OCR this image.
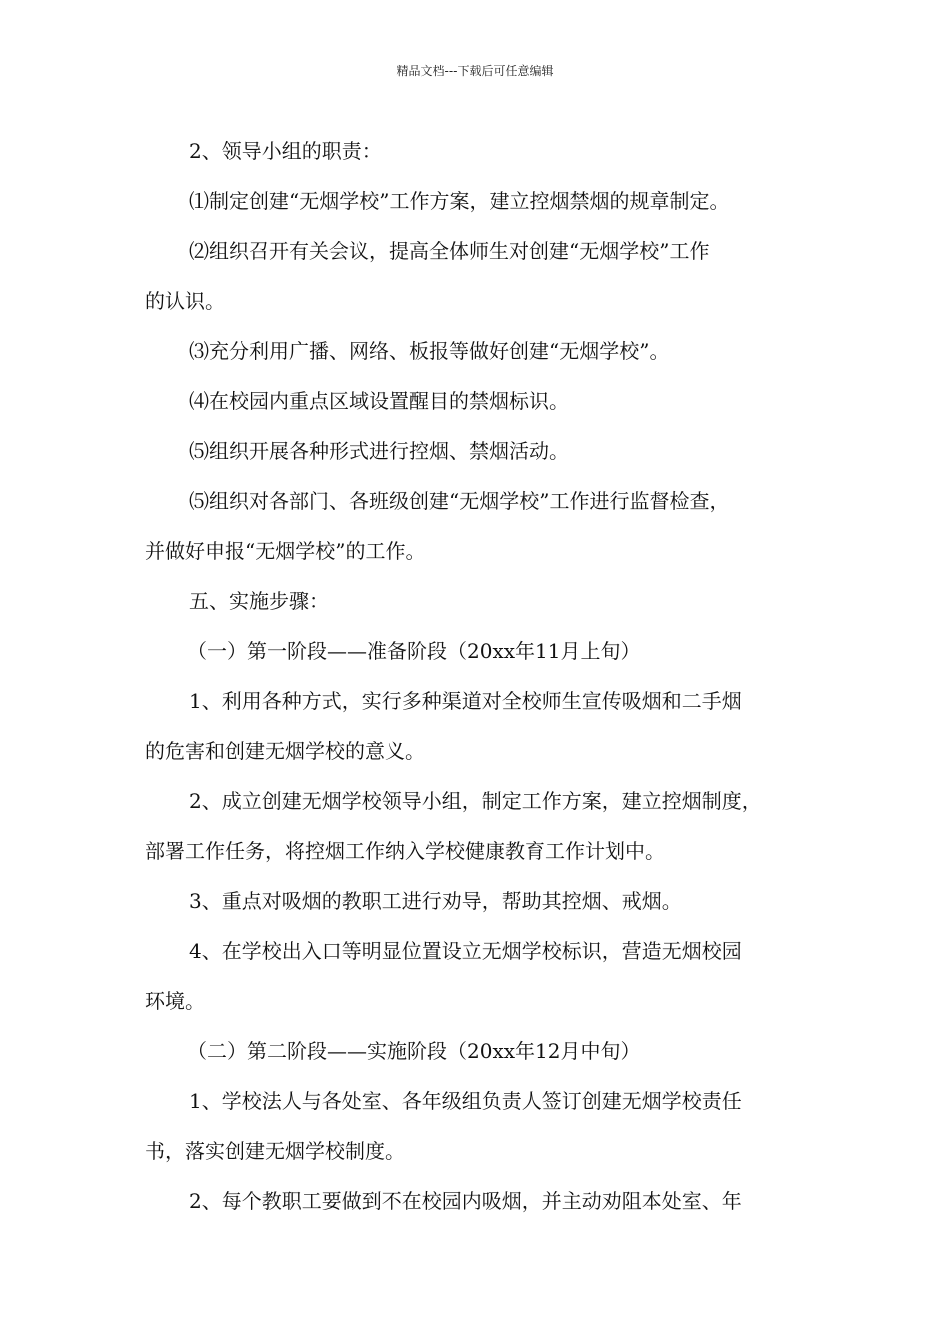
精品文档---下载后可任意编辑
2、领导小组的职责：
⑴制定创建“无烟学校”工作方案，建立控烟禁烟的规章制定。
⑵组织召开有关会议，提高全体师生对创建“无烟学校”工作
的认识。
⑶充分利用广播、网络、板报等做好创建“无烟学校”。
⑷在校园内重点区域设置醒目的禁烟标识。
⑸组织开展各种形式进行控烟、禁烟活动。
⑸组织对各部门、各班级创建“无烟学校”工作进行监督检查，
并做好申报“无烟学校”的工作。
五、实施步骤：
（一）第一阶段——准备阶段（20xx年11月上旬）
1、利用各种方式，实行多种渠道对全校师生宣传吸烟和二手烟
的危害和创建无烟学校的意义。
2、成立创建无烟学校领导小组，制定工作方案，建立控烟制度，
部署工作任务，将控烟工作纳入学校健康教育工作计划中。
3、重点对吸烟的教职工进行劝导，帮助其控烟、戒烟。
4、在学校出入口等明显位置设立无烟学校标识，营造无烟校园
环境。
（二）第二阶段——实施阶段（20xx年12月中旬）
1、学校法人与各处室、各年级组负责人签订创建无烟学校责任
书，落实创建无烟学校制度。
2、每个教职工要做到不在校园内吸烟，并主动劝阻本处室、年
